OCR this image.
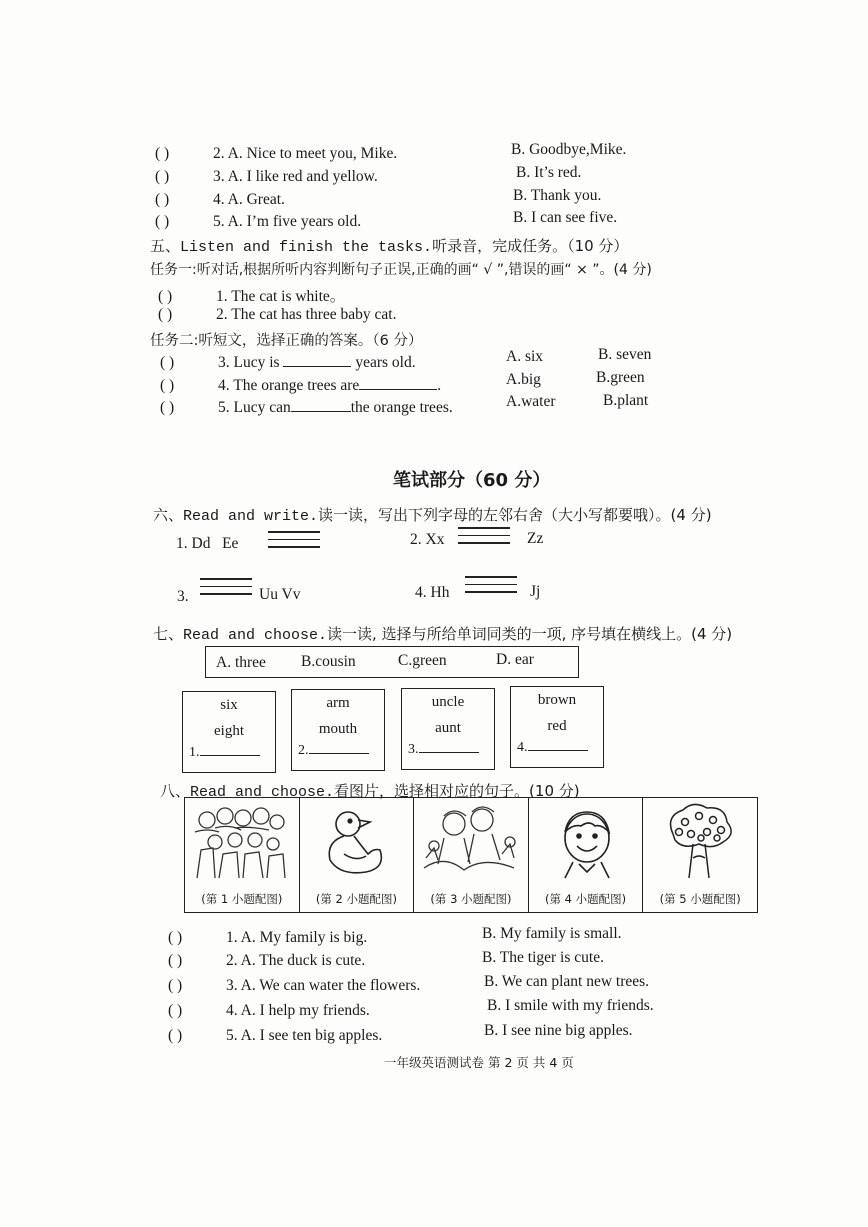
( )	2. A. Nice to meet you, Mike.	B. Goodbye,Mike.
( )	3. A. I like red and yellow.	B. It’s red.
( )	4. A. Great.	B. Thank you.
( )	5. A. I’m five years old.	B. I can see five.
五、Listen and finish the tasks.听录音，完成任务。（10 分）
任务一:听对话,根据所听内容判断句子正误,正确的画“ √ ”,错误的画“ × ”。(4 分)
( )	1. The cat is white。
( )	2. The cat has three baby cat.
任务二:听短文，选择正确的答案。（6 分）
( )	3. Lucy is	years old.	A. six	B. seven
( )	4. The orange trees are	.	A.big	B.green
( )	5. Lucy can	the orange trees.	A.water	B.plant
笔试部分（60 分）
六、Read and write.读一读，写出下列字母的左邻右舍（大小写都要哦）。(4 分)
1. Dd Ee	2. Xx	Zz
3.	Uu Vv	4. Hh	Jj
七、Read and choose.读一读, 选择与所给单词同类的一项, 序号填在横线上。(4 分)
A. three B.cousin	C.green	D. ear
six
eight
1.
arm
mouth
2.
uncle
aunt
3.
brown
red
4.
八、Read and choose.看图片，选择相对应的句子。(10 分)
(第 1 小题配图)	(第 2 小题配图)	(第 3 小题配图)	(第 4 小题配图)	(第 5 小题配图)
( )	1. A. My family is big.	B. My family is small.
( )	2. A. The duck is cute.	B. The tiger is cute.
( )	3. A. We can water the flowers.	B. We can plant new trees.
( )	4. A. I help my friends.	B. I smile with my friends.
( )	5. A. I see ten big apples.	B. I see nine big apples.
一年级英语测试卷 第 2 页 共 4 页
